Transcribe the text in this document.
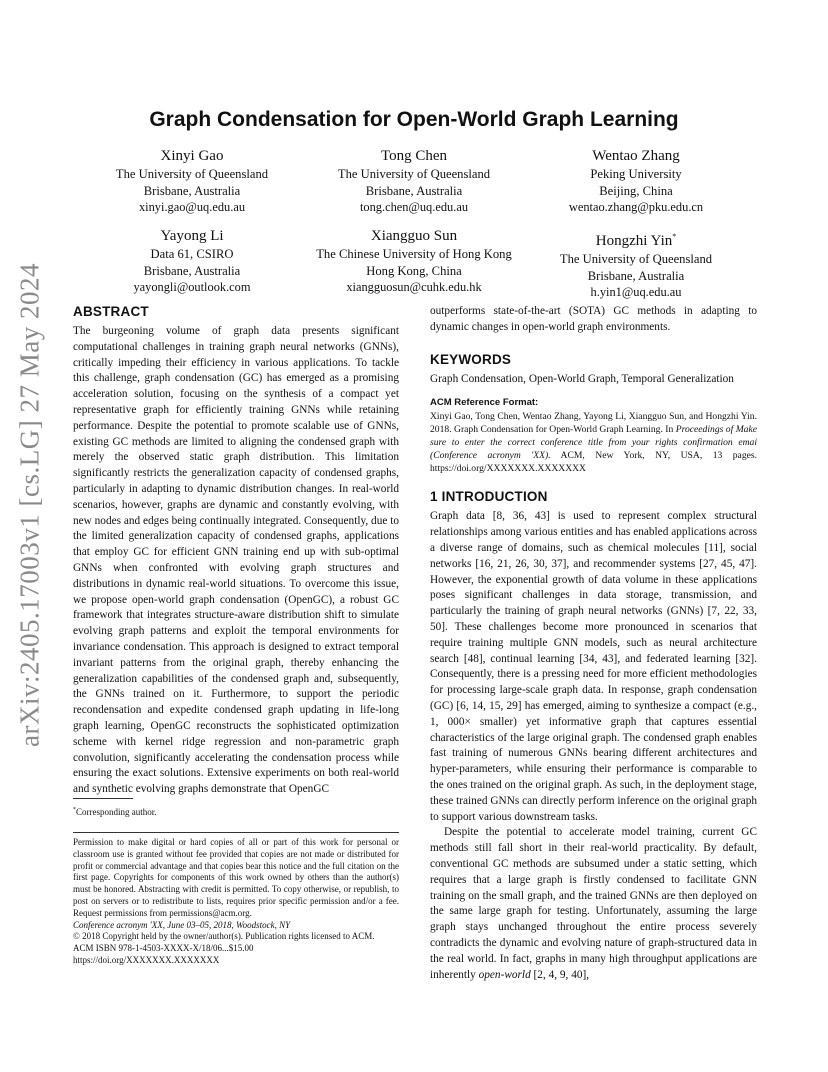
arXiv:2405.17003v1 [cs.LG] 27 May 2024
Graph Condensation for Open-World Graph Learning
Xinyi Gao
The University of Queensland
Brisbane, Australia
xinyi.gao@uq.edu.au
Tong Chen
The University of Queensland
Brisbane, Australia
tong.chen@uq.edu.au
Wentao Zhang
Peking University
Beijing, China
wentao.zhang@pku.edu.cn
Yayong Li
Data 61, CSIRO
Brisbane, Australia
yayongli@outlook.com
Xiangguo Sun
The Chinese University of Hong Kong
Hong Kong, China
xiangguosun@cuhk.edu.hk
Hongzhi Yin*
The University of Queensland
Brisbane, Australia
h.yin1@uq.edu.au
ABSTRACT

The burgeoning volume of graph data presents significant computational challenges in training graph neural networks (GNNs), critically impeding their efficiency in various applications. To tackle this challenge, graph condensation (GC) has emerged as a promising acceleration solution, focusing on the synthesis of a compact yet representative graph for efficiently training GNNs while retaining performance. Despite the potential to promote scalable use of GNNs, existing GC methods are limited to aligning the condensed graph with merely the observed static graph distribution. This limitation significantly restricts the generalization capacity of condensed graphs, particularly in adapting to dynamic distribution changes. In real-world scenarios, however, graphs are dynamic and constantly evolving, with new nodes and edges being continually integrated. Consequently, due to the limited generalization capacity of condensed graphs, applications that employ GC for efficient GNN training end up with sub-optimal GNNs when confronted with evolving graph structures and distributions in dynamic real-world situations. To overcome this issue, we propose open-world graph condensation (OpenGC), a robust GC framework that integrates structure-aware distribution shift to simulate evolving graph patterns and exploit the temporal environments for invariance condensation. This approach is designed to extract temporal invariant patterns from the original graph, thereby enhancing the generalization capabilities of the condensed graph and, subsequently, the GNNs trained on it. Furthermore, to support the periodic recondensation and expedite condensed graph updating in life-long graph learning, OpenGC reconstructs the sophisticated optimization scheme with kernel ridge regression and non-parametric graph convolution, significantly accelerating the condensation process while ensuring the exact solutions. Extensive experiments on both real-world and synthetic evolving graphs demonstrate that OpenGC

*Corresponding author.
Permission to make digital or hard copies of all or part of this work for personal or classroom use is granted without fee provided that copies are not made or distributed for profit or commercial advantage and that copies bear this notice and the full citation on the first page. Copyrights for components of this work owned by others than the author(s) must be honored. Abstracting with credit is permitted. To copy otherwise, or republish, to post on servers or to redistribute to lists, requires prior specific permission and/or a fee. Request permissions from permissions@acm.org.
Conference acronym 'XX, June 03–05, 2018, Woodstock, NY
© 2018 Copyright held by the owner/author(s). Publication rights licensed to ACM.
ACM ISBN 978-1-4503-XXXX-X/18/06...$15.00
https://doi.org/XXXXXXX.XXXXXXX

outperforms state-of-the-art (SOTA) GC methods in adapting to dynamic changes in open-world graph environments.

KEYWORDS

Graph Condensation, Open-World Graph, Temporal Generalization

ACM Reference Format:

Xinyi Gao, Tong Chen, Wentao Zhang, Yayong Li, Xiangguo Sun, and Hongzhi Yin. 2018. Graph Condensation for Open-World Graph Learning. In Proceedings of Make sure to enter the correct conference title from your rights confirmation emai (Conference acronym 'XX). ACM, New York, NY, USA, 13 pages. https://doi.org/XXXXXXX.XXXXXXX

1 INTRODUCTION

Graph data [8, 36, 43] is used to represent complex structural relationships among various entities and has enabled applications across a diverse range of domains, such as chemical molecules [11], social networks [16, 21, 26, 30, 37], and recommender systems [27, 45, 47]. However, the exponential growth of data volume in these applications poses significant challenges in data storage, transmission, and particularly the training of graph neural networks (GNNs) [7, 22, 33, 50]. These challenges become more pronounced in scenarios that require training multiple GNN models, such as neural architecture search [48], continual learning [34, 43], and federated learning [32]. Consequently, there is a pressing need for more efficient methodologies for processing large-scale graph data. In response, graph condensation (GC) [6, 14, 15, 29] has emerged, aiming to synthesize a compact (e.g., 1, 000× smaller) yet informative graph that captures essential characteristics of the large original graph. The condensed graph enables fast training of numerous GNNs bearing different architectures and hyper-parameters, while ensuring their performance is comparable to the ones trained on the original graph. As such, in the deployment stage, these trained GNNs can directly perform inference on the original graph to support various downstream tasks.

Despite the potential to accelerate model training, current GC methods still fall short in their real-world practicality. By default, conventional GC methods are subsumed under a static setting, which requires that a large graph is firstly condensed to facilitate GNN training on the small graph, and the trained GNNs are then deployed on the same large graph for testing. Unfortunately, assuming the large graph stays unchanged throughout the entire process severely contradicts the dynamic and evolving nature of graph-structured data in the real world. In fact, graphs in many high throughput applications are inherently open-world [2, 4, 9, 40],
